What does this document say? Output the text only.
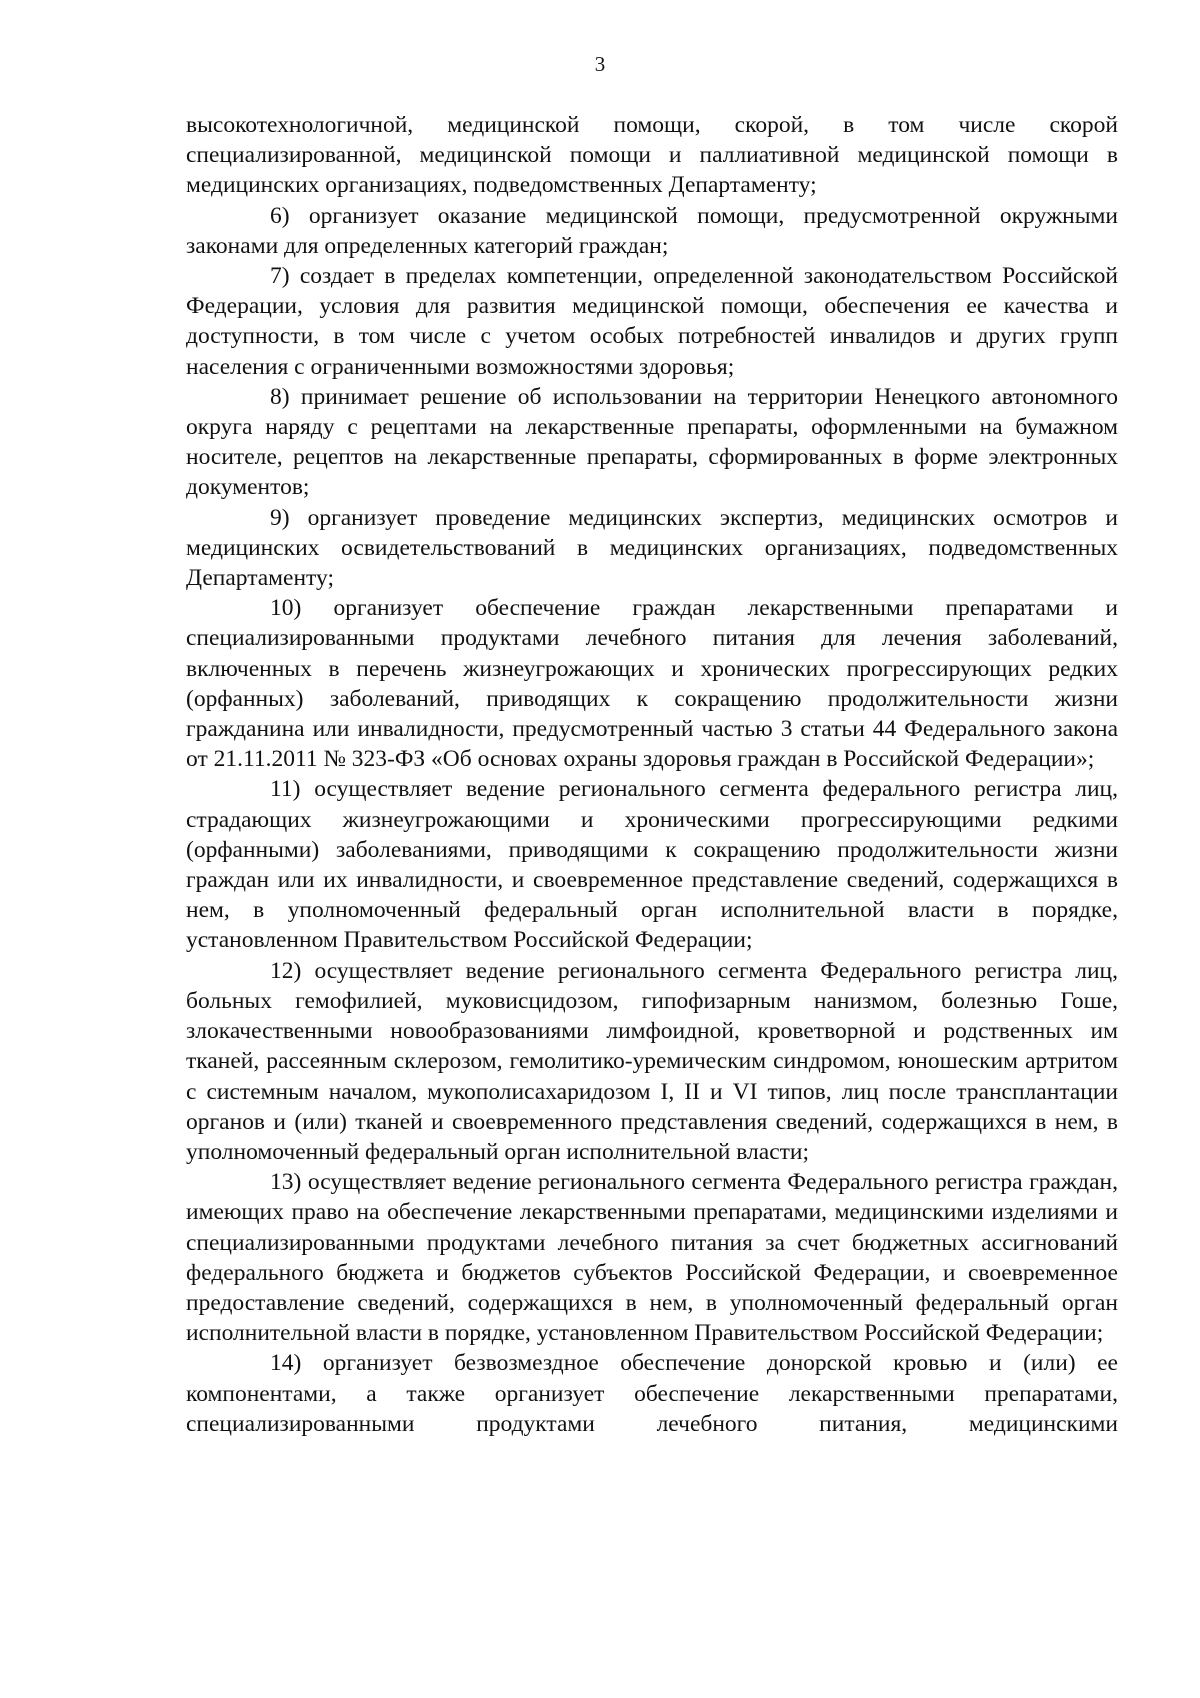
3

высокотехнологичной, медицинской помощи, скорой, в том числе скорой специализированной, медицинской помощи и паллиативной медицинской помощи в медицинских организациях, подведомственных Департаменту;

6) организует оказание медицинской помощи, предусмотренной окружными законами для определенных категорий граждан;

7) создает в пределах компетенции, определенной законодательством Российской Федерации, условия для развития медицинской помощи, обеспечения ее качества и доступности, в том числе с учетом особых потребностей инвалидов и других групп населения с ограниченными возможностями здоровья;

8) принимает решение об использовании на территории Ненецкого автономного округа наряду с рецептами на лекарственные препараты, оформленными на бумажном носителе, рецептов на лекарственные препараты, сформированных в форме электронных документов;

9) организует проведение медицинских экспертиз, медицинских осмотров и медицинских освидетельствований в медицинских организациях, подведомственных Департаменту;

10) организует обеспечение граждан лекарственными препаратами и специализированными продуктами лечебного питания для лечения заболеваний, включенных в перечень жизнеугрожающих и хронических прогрессирующих редких (орфанных) заболеваний, приводящих к сокращению продолжительности жизни гражданина или инвалидности, предусмотренный частью 3 статьи 44 Федерального закона от 21.11.2011 № 323-ФЗ «Об основах охраны здоровья граждан в Российской Федерации»;

11) осуществляет ведение регионального сегмента федерального регистра лиц, страдающих жизнеугрожающими и хроническими прогрессирующими редкими (орфанными) заболеваниями, приводящими к сокращению продолжительности жизни граждан или их инвалидности, и своевременное представление сведений, содержащихся в нем, в уполномоченный федеральный орган исполнительной власти в порядке, установленном Правительством Российской Федерации;

12) осуществляет ведение регионального сегмента Федерального регистра лиц, больных гемофилией, муковисцидозом, гипофизарным нанизмом, болезнью Гоше, злокачественными новообразованиями лимфоидной, кроветворной и родственных им тканей, рассеянным склерозом, гемолитико-уремическим синдромом, юношеским артритом с системным началом, мукополисахаридозом I, II и VI типов, лиц после трансплантации органов и (или) тканей и своевременного представления сведений, содержащихся в нем, в уполномоченный федеральный орган исполнительной власти;

13) осуществляет ведение регионального сегмента Федерального регистра граждан, имеющих право на обеспечение лекарственными препаратами, медицинскими изделиями и специализированными продуктами лечебного питания за счет бюджетных ассигнований федерального бюджета и бюджетов субъектов Российской Федерации, и своевременное предоставление сведений, содержащихся в нем, в уполномоченный федеральный орган исполнительной власти в порядке, установленном Правительством Российской Федерации;

14) организует безвозмездное обеспечение донорской кровью и (или) ее компонентами, а также организует обеспечение лекарственными препаратами, специализированными продуктами лечебного питания, медицинскими
